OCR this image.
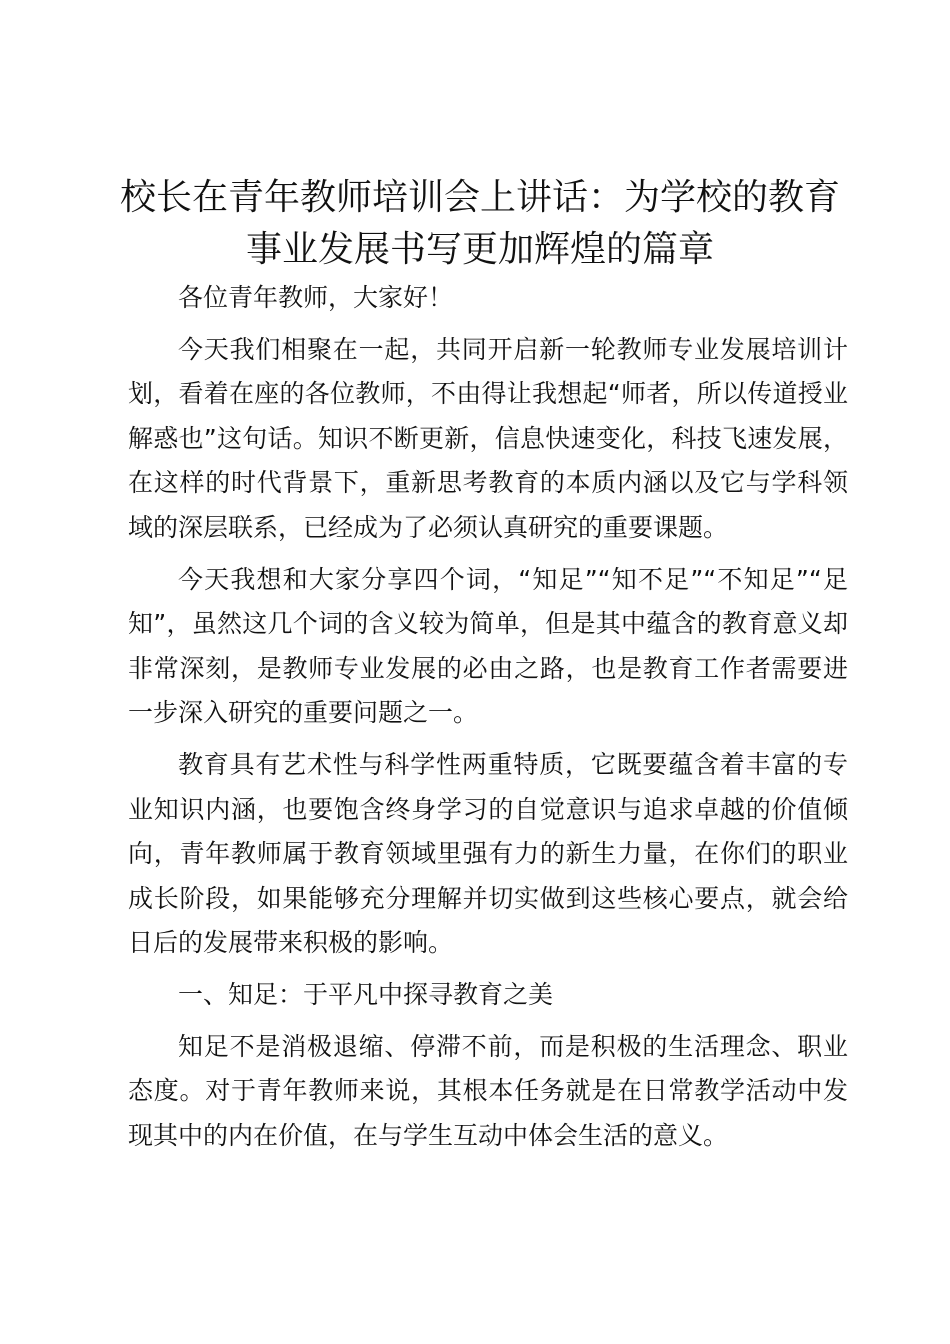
校长在青年教师培训会上讲话：为学校的教育
事业发展书写更加辉煌的篇章

各位青年教师，大家好！

今天我们相聚在一起，共同开启新一轮教师专业发展培训计划，看着在座的各位教师，不由得让我想起“师者，所以传道授业解惑也”这句话。知识不断更新，信息快速变化，科技飞速发展，在这样的时代背景下，重新思考教育的本质内涵以及它与学科领域的深层联系，已经成为了必须认真研究的重要课题。

今天我想和大家分享四个词，“知足”“知不足”“不知足”“足知”，虽然这几个词的含义较为简单，但是其中蕴含的教育意义却非常深刻，是教师专业发展的必由之路，也是教育工作者需要进一步深入研究的重要问题之一。

教育具有艺术性与科学性两重特质，它既要蕴含着丰富的专业知识内涵，也要饱含终身学习的自觉意识与追求卓越的价值倾向，青年教师属于教育领域里强有力的新生力量，在你们的职业成长阶段，如果能够充分理解并切实做到这些核心要点，就会给日后的发展带来积极的影响。

一、知足：于平凡中探寻教育之美

知足不是消极退缩、停滞不前，而是积极的生活理念、职业态度。对于青年教师来说，其根本任务就是在日常教学活动中发现其中的内在价值，在与学生互动中体会生活的意义。
